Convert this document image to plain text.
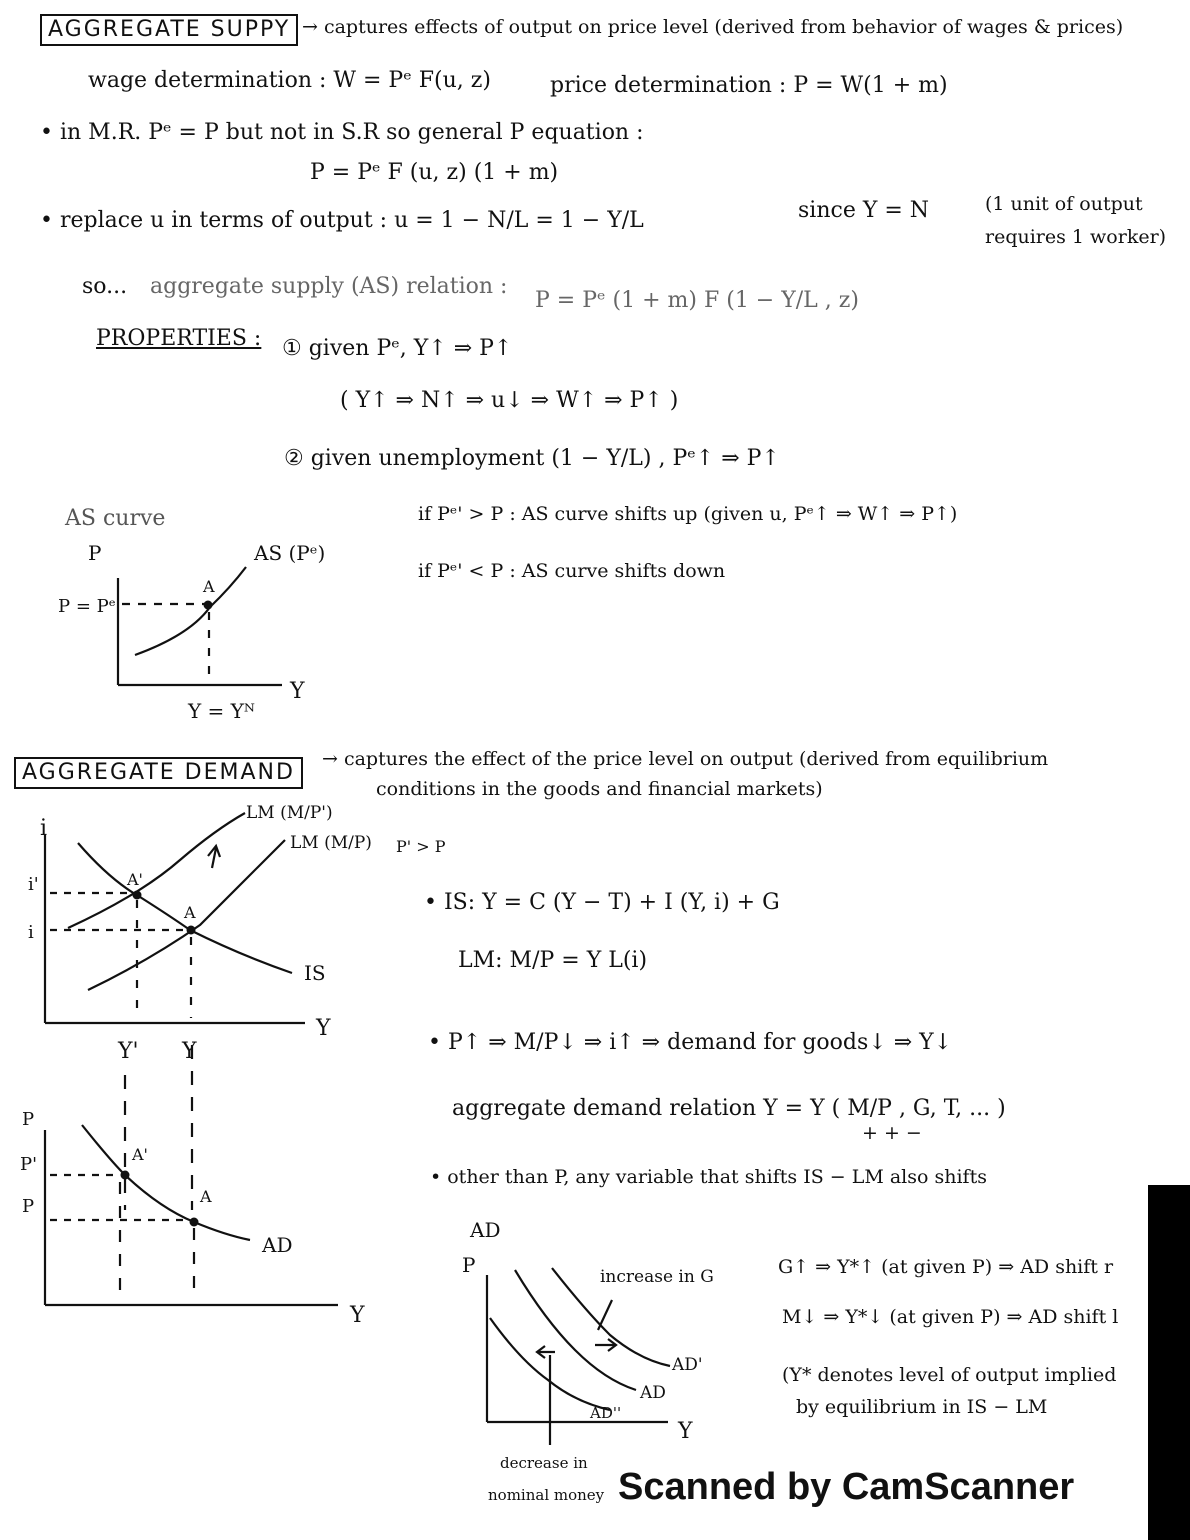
AGGREGATE SUPPY → captures effects of output on price level (derived from behavior of wages & prices)
wage determination : W = Pᵉ F(u, z)	price determination : P = W(1 + m)
• in M.R. Pᵉ = P but not in S.R so general P equation :
P = Pᵉ F (u, z) (1 + m)
• replace u in terms of output : u = 1 − N/L = 1 − Y/L	since Y = N	(1 unit of output
requires 1 worker)
so... aggregate supply (AS) relation :
P = Pᵉ (1 + m) F (1 − Y/L , z)
PROPERTIES : ① given Pᵉ, Y↑ ⇒ P↑
( Y↑ ⇒ N↑ ⇒ u↓ ⇒ W↑ ⇒ P↑ )
② given unemployment (1 − Y/L) , Pᵉ↑ ⇒ P↑
AS curve	if Pᵉ' > P : AS curve shifts up (given u, Pᵉ↑ ⇒ W↑ ⇒ P↑)
if Pᵉ' < P : AS curve shifts down
P
Y
AS (Pᵉ)
P = Pᵉ
A
Y = Yᴺ
AGGREGATE DEMAND
→ captures the effect of the price level on output (derived from equilibrium
conditions in the goods and financial markets)
i
Y
LM (M/P')
LM (M/P) P' > P
IS
i'
i
A'
A
Y' Y
P
Y
P'
P
A'
A
AD
• IS: Y = C (Y − T) + I (Y, i) + G
LM: M/P = Y L(i)
• P↑ ⇒ M/P↓ ⇒ i↑ ⇒ demand for goods↓ ⇒ Y↓
aggregate demand relation Y = Y ( M/P , G, T, ... )
+ + −
• other than P, any variable that shifts IS − LM also shifts
AD
P
Y
increase in G
AD'
AD
AD''
decrease in
nominal money
G↑ ⇒ Y*↑ (at given P) ⇒ AD shift r
M↓ ⇒ Y*↓ (at given P) ⇒ AD shift l
(Y* denotes level of output implied
by equilibrium in IS − LM
Scanned by CamScanner
